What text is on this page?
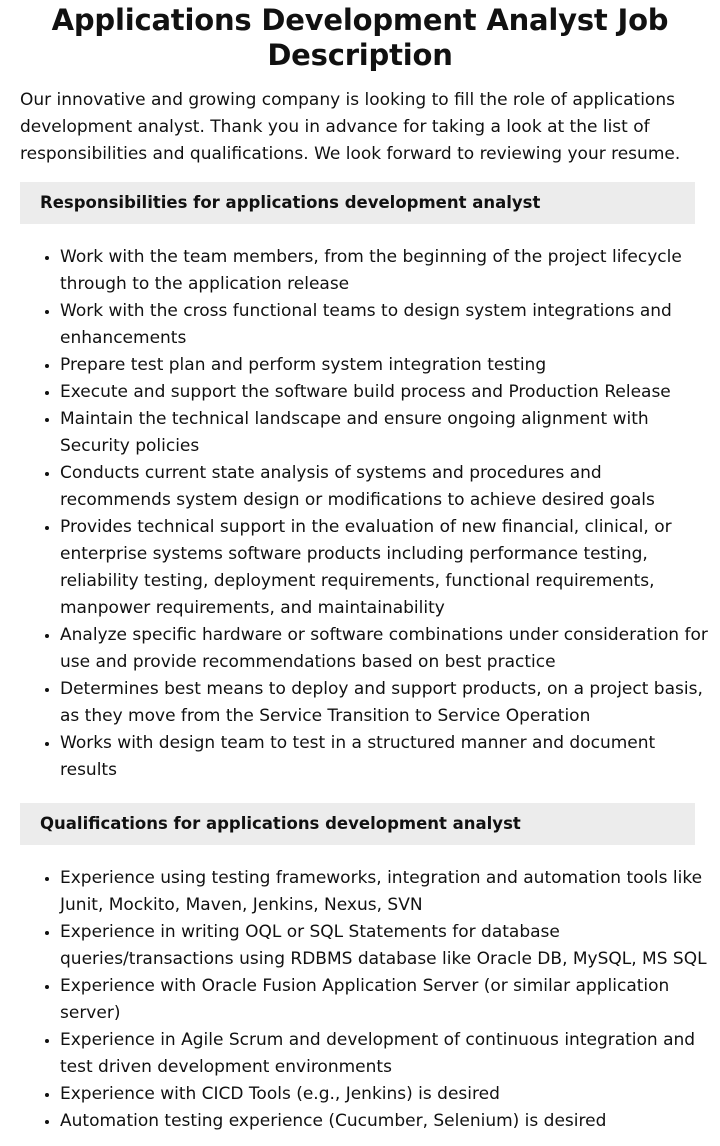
Applications Development Analyst Job Description

Our innovative and growing company is looking to fill the role of applications development analyst. Thank you in advance for taking a look at the list of responsibilities and qualifications. We look forward to reviewing your resume.

Responsibilities for applications development analyst
• Work with the team members, from the beginning of the project lifecycle through to the application release
• Work with the cross functional teams to design system integrations and enhancements
• Prepare test plan and perform system integration testing
• Execute and support the software build process and Production Release
• Maintain the technical landscape and ensure ongoing alignment with Security policies
• Conducts current state analysis of systems and procedures and recommends system design or modifications to achieve desired goals
• Provides technical support in the evaluation of new financial, clinical, or enterprise systems software products including performance testing, reliability testing, deployment requirements, functional requirements, manpower requirements, and maintainability
• Analyze specific hardware or software combinations under consideration for use and provide recommendations based on best practice
• Determines best means to deploy and support products, on a project basis, as they move from the Service Transition to Service Operation
• Works with design team to test in a structured manner and document results
Qualifications for applications development analyst
• Experience using testing frameworks, integration and automation tools like Junit, Mockito, Maven, Jenkins, Nexus, SVN
• Experience in writing OQL or SQL Statements for database queries/transactions using RDBMS database like Oracle DB, MySQL, MS SQL
• Experience with Oracle Fusion Application Server (or similar application server)
• Experience in Agile Scrum and development of continuous integration and test driven development environments
• Experience with CICD Tools (e.g., Jenkins) is desired
• Automation testing experience (Cucumber, Selenium) is desired
